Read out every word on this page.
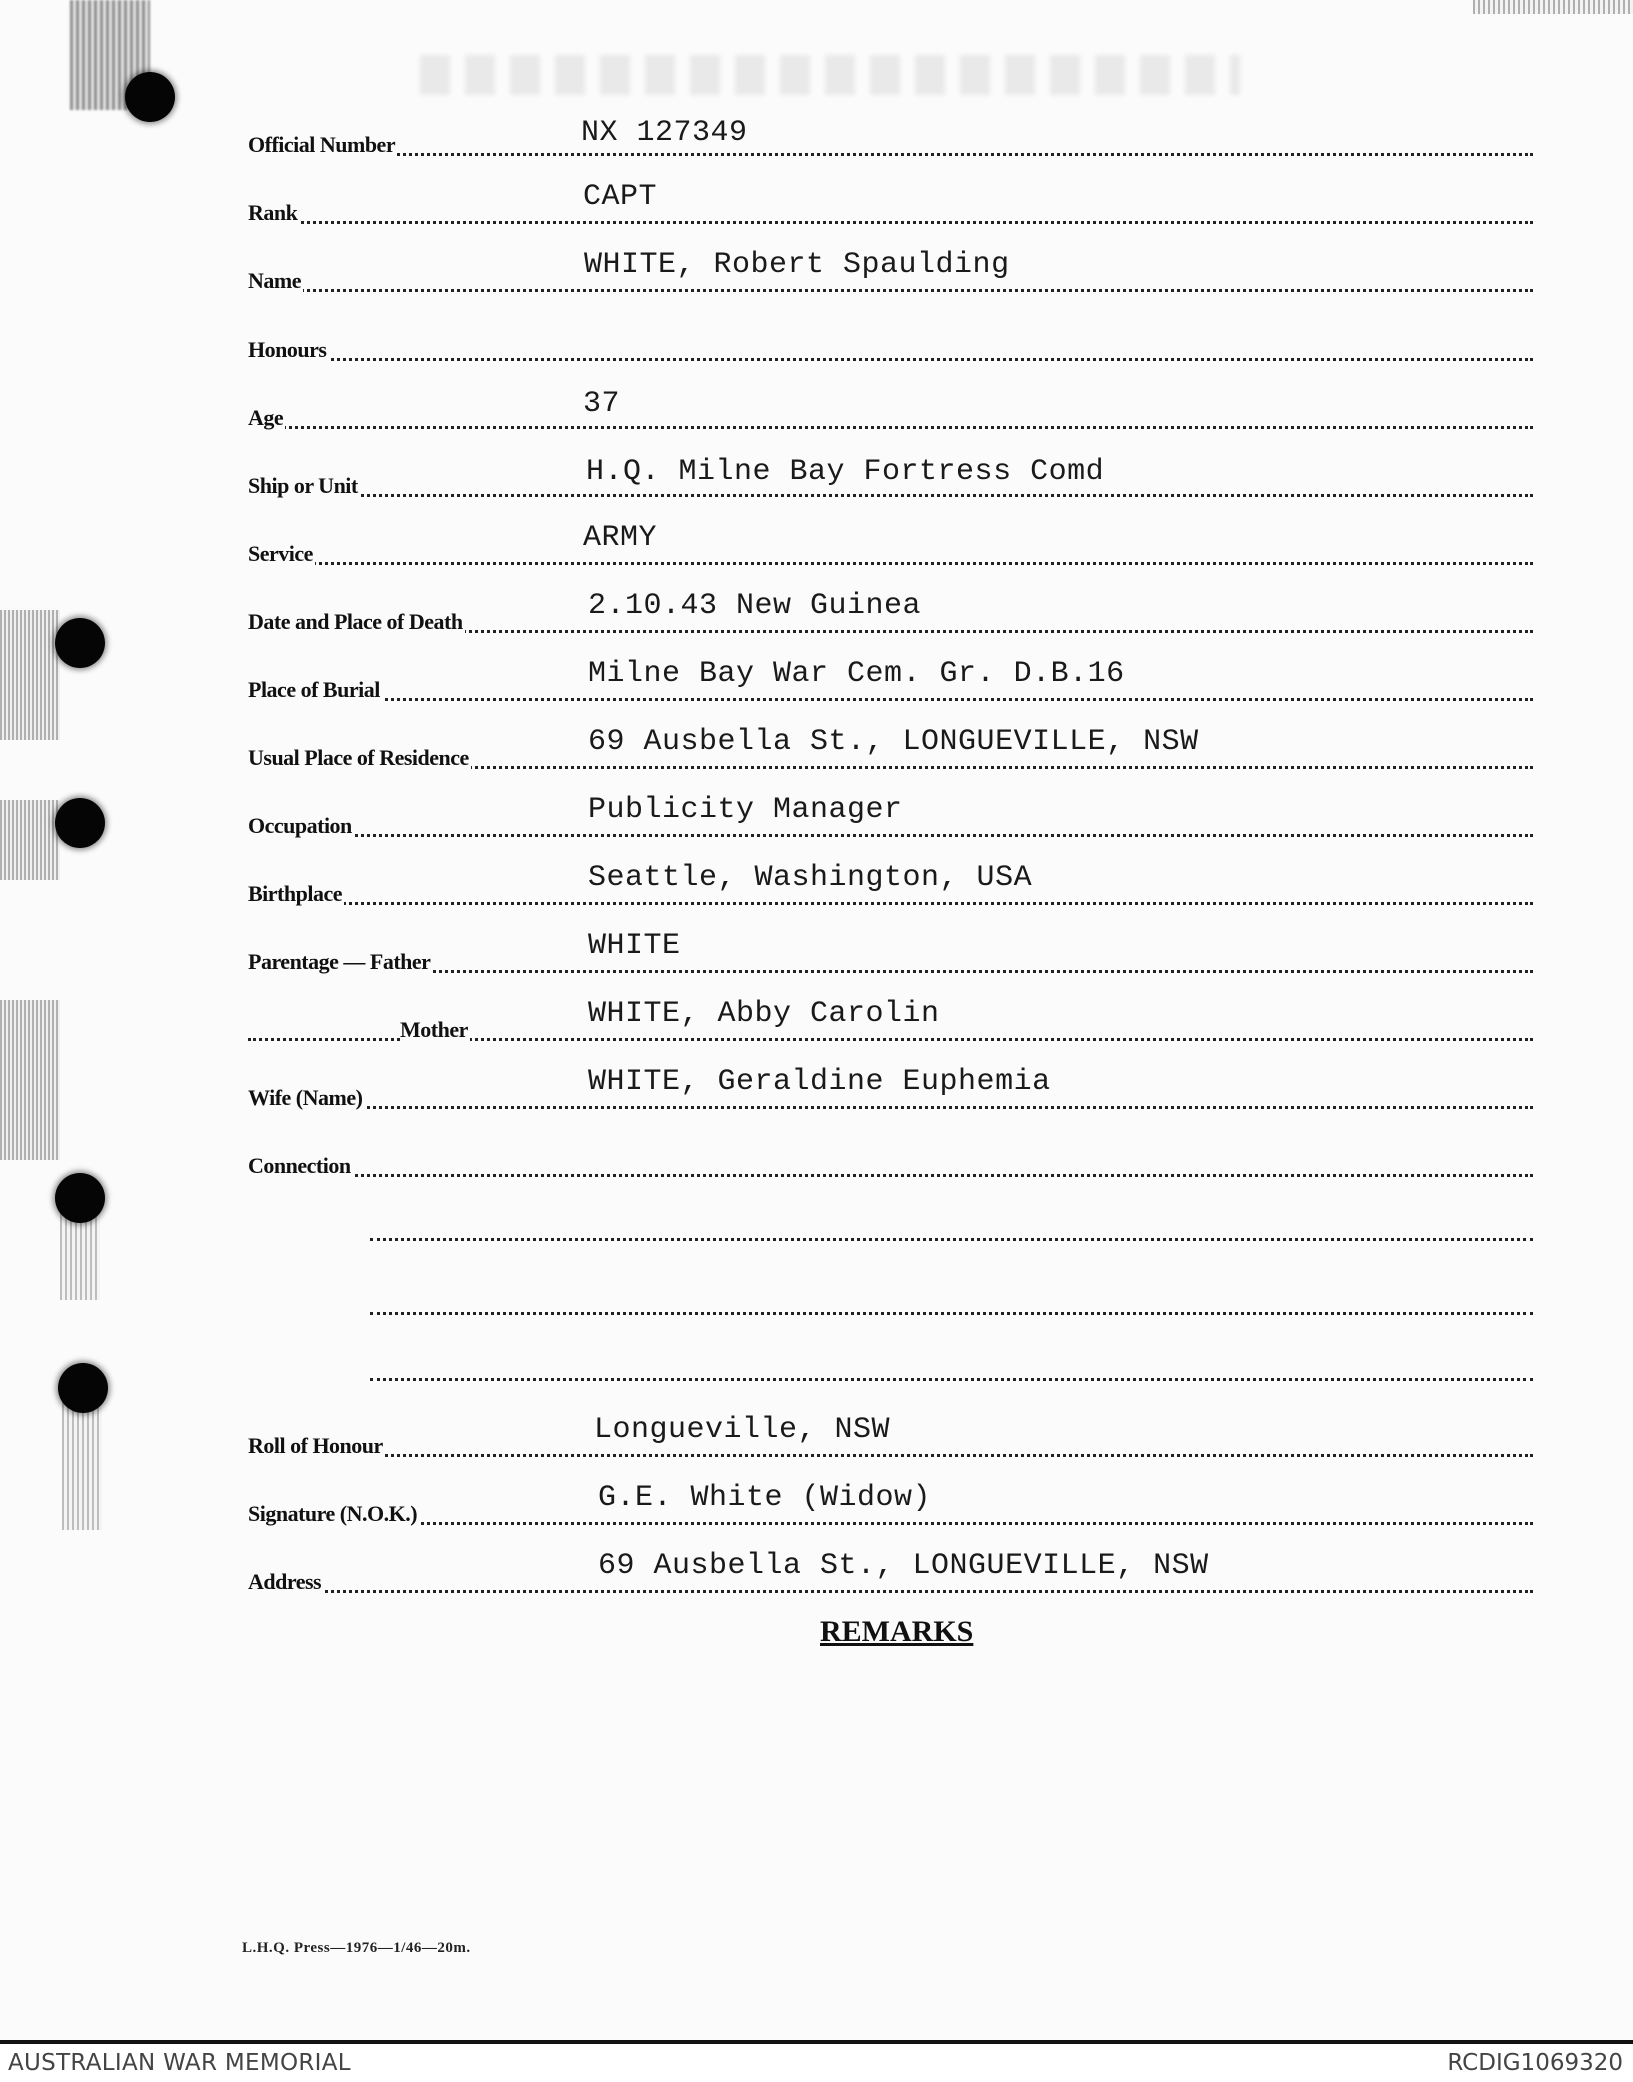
Official Number	NX 127349
Rank	CAPT
Name	WHITE, Robert Spaulding
Honours
Age	37
Ship or Unit	H.Q. Milne Bay Fortress Comd
Service	ARMY
Date and Place of Death	2.10.43 New Guinea
Place of Burial	Milne Bay War Cem. Gr. D.B.16
Usual Place of Residence	69 Ausbella St., LONGUEVILLE, NSW
Occupation	Publicity Manager
Birthplace	Seattle, Washington, USA
Parentage — Father	WHITE
Mother	WHITE, Abby Carolin
Wife (Name)	WHITE, Geraldine Euphemia
Connection
Roll of Honour	Longueville, NSW
Signature (N.O.K.)	G.E. White (Widow)
Address	69 Ausbella St., LONGUEVILLE, NSW
REMARKS
L.H.Q. Press—1976—1/46—20m.
AUSTRALIAN WAR MEMORIAL	RCDIG1069320
